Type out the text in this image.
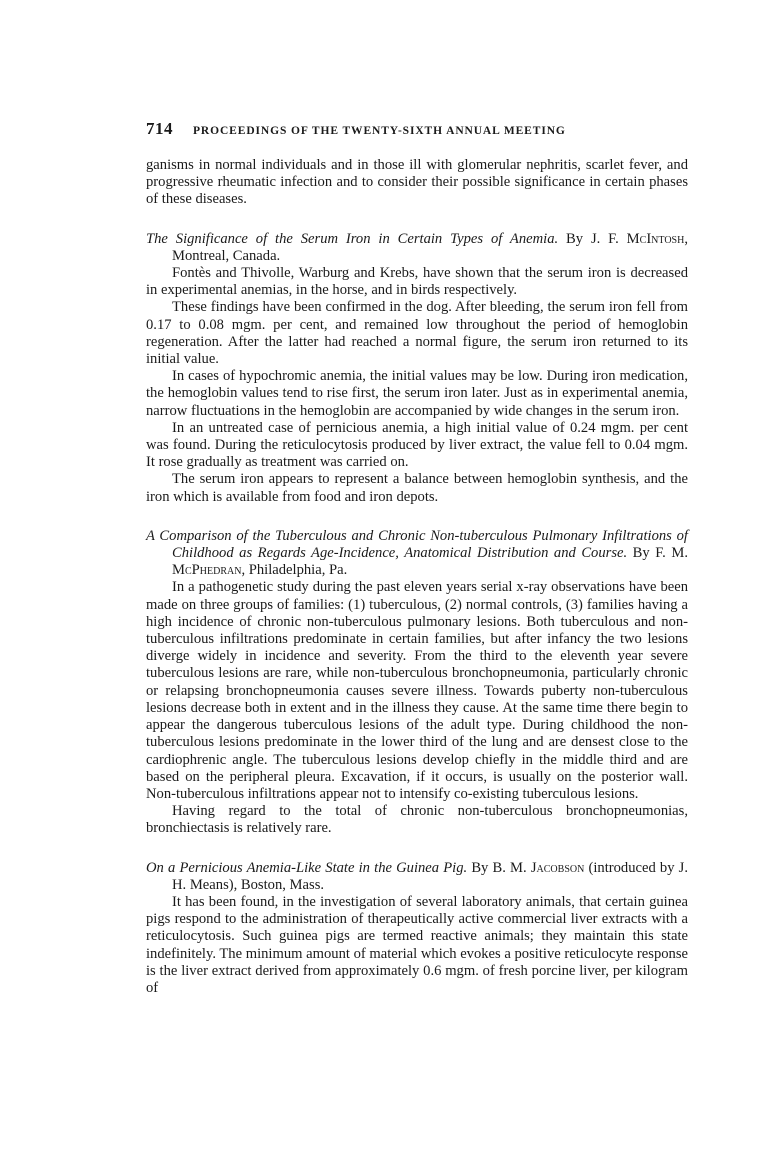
714 PROCEEDINGS OF THE TWENTY-SIXTH ANNUAL MEETING

ganisms in normal individuals and in those ill with glomerular nephritis, scarlet fever, and progressive rheumatic infection and to consider their possible significance in certain phases of these diseases.

The Significance of the Serum Iron in Certain Types of Anemia. By J. F. McIntosh, Montreal, Canada.

Fontès and Thivolle, Warburg and Krebs, have shown that the serum iron is decreased in experimental anemias, in the horse, and in birds respectively.

These findings have been confirmed in the dog. After bleeding, the serum iron fell from 0.17 to 0.08 mgm. per cent, and remained low throughout the period of hemoglobin regeneration. After the latter had reached a normal figure, the serum iron returned to its initial value.

In cases of hypochromic anemia, the initial values may be low. During iron medication, the hemoglobin values tend to rise first, the serum iron later. Just as in experimental anemia, narrow fluctuations in the hemoglobin are accompanied by wide changes in the serum iron.

In an untreated case of pernicious anemia, a high initial value of 0.24 mgm. per cent was found. During the reticulocytosis produced by liver extract, the value fell to 0.04 mgm. It rose gradually as treatment was carried on.

The serum iron appears to represent a balance between hemoglobin synthesis, and the iron which is available from food and iron depots.

A Comparison of the Tuberculous and Chronic Non-tuberculous Pulmonary Infiltrations of Childhood as Regards Age-Incidence, Anatomical Distribution and Course. By F. M. McPhedran, Philadelphia, Pa.

In a pathogenetic study during the past eleven years serial x-ray observations have been made on three groups of families: (1) tuberculous, (2) normal controls, (3) families having a high incidence of chronic non-tuberculous pulmonary lesions. Both tuberculous and non-tuberculous infiltrations predominate in certain families, but after infancy the two lesions diverge widely in incidence and severity. From the third to the eleventh year severe tuberculous lesions are rare, while non-tuberculous bronchopneumonia, particularly chronic or relapsing bronchopneumonia causes severe illness. Towards puberty non-tuberculous lesions decrease both in extent and in the illness they cause. At the same time there begin to appear the dangerous tuberculous lesions of the adult type. During childhood the non-tuberculous lesions predominate in the lower third of the lung and are densest close to the cardiophrenic angle. The tuberculous lesions develop chiefly in the middle third and are based on the peripheral pleura. Excavation, if it occurs, is usually on the posterior wall. Non-tuberculous infiltrations appear not to intensify co-existing tuberculous lesions.

Having regard to the total of chronic non-tuberculous bronchopneumonias, bronchiectasis is relatively rare.

On a Pernicious Anemia-Like State in the Guinea Pig. By B. M. Jacobson (introduced by J. H. Means), Boston, Mass.

It has been found, in the investigation of several laboratory animals, that certain guinea pigs respond to the administration of therapeutically active commercial liver extracts with a reticulocytosis. Such guinea pigs are termed reactive animals; they maintain this state indefinitely. The minimum amount of material which evokes a positive reticulocyte response is the liver extract derived from approximately 0.6 mgm. of fresh porcine liver, per kilogram of
